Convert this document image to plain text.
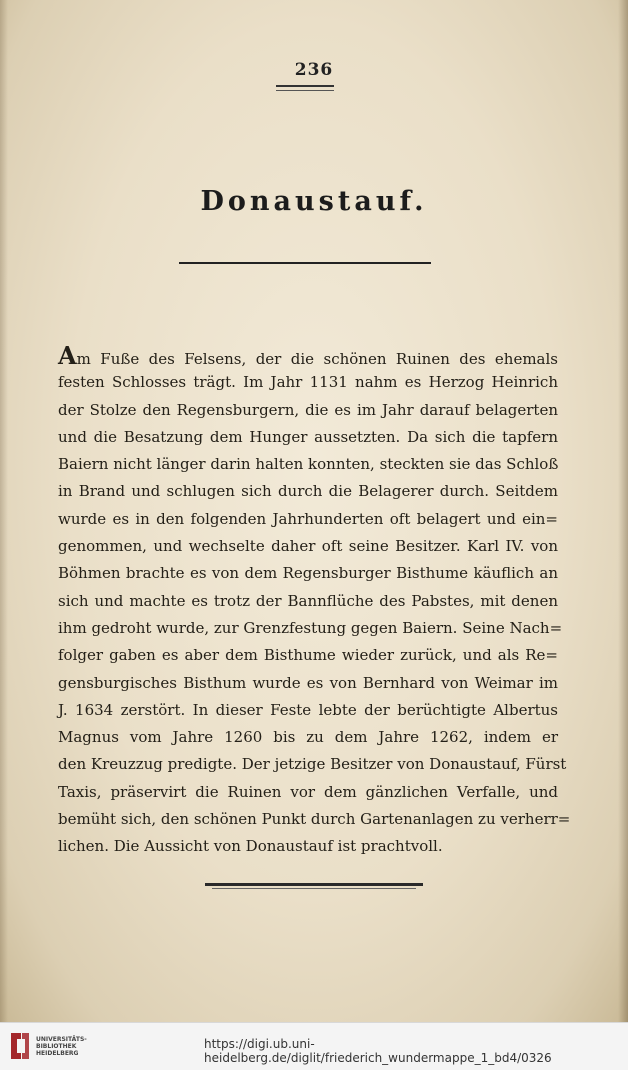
236
Donaustauf.
Am Fuße des Felsens, der die schönen Ruinen des ehemals
festen Schlosses trägt. Im Jahr 1131 nahm es Herzog Heinrich
der Stolze den Regensburgern, die es im Jahr darauf belagerten
und die Besatzung dem Hunger aussetzten. Da sich die tapfern
Baiern nicht länger darin halten konnten, steckten sie das Schloß
in Brand und schlugen sich durch die Belagerer durch. Seitdem
wurde es in den folgenden Jahrhunderten oft belagert und ein=
genommen, und wechselte daher oft seine Besitzer. Karl IV. von
Böhmen brachte es von dem Regensburger Bisthume käuflich an
sich und machte es trotz der Bannflüche des Pabstes, mit denen
ihm gedroht wurde, zur Grenzfestung gegen Baiern. Seine Nach=
folger gaben es aber dem Bisthume wieder zurück, und als Re=
gensburgisches Bisthum wurde es von Bernhard von Weimar im
J. 1634 zerstört. In dieser Feste lebte der berüchtigte Albertus
Magnus vom Jahre 1260 bis zu dem Jahre 1262, indem er
den Kreuzzug predigte. Der jetzige Besitzer von Donaustauf, Fürst
Taxis, präservirt die Ruinen vor dem gänzlichen Verfalle, und
bemüht sich, den schönen Punkt durch Gartenanlagen zu verherr=
lichen. Die Aussicht von Donaustauf ist prachtvoll.
UNIVERSITÄTS-
BIBLIOTHEK
HEIDELBERG
https://digi.ub.uni-heidelberg.de/diglit/friederich_wundermappe_1_bd4/0326
